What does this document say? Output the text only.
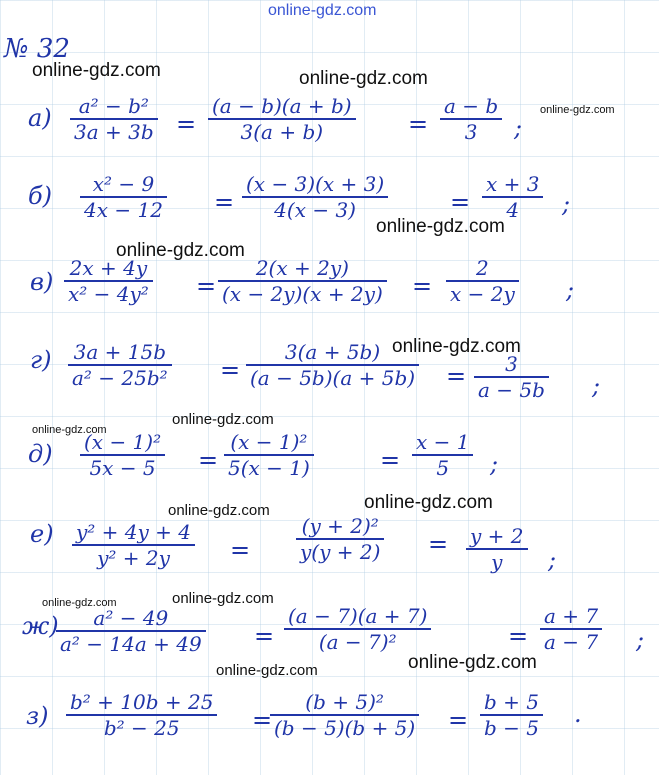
online-gdz.com
online-gdz.com	online-gdz.com
online-gdz.com
online-gdz.com
online-gdz.com
online-gdz.com
online-gdz.com
online-gdz.com
online-gdz.com
online-gdz.com
online-gdz.com
online-gdz.com
online-gdz.com
online-gdz.com
№ 32
$а) \frac{\text{a² − b²}}{3a + 3b} = \frac{(a - b)(a + b)}{3(a + b)} = \frac{a - b}{3}$ ;
$б) \frac{\text{x² − 9}}{4x - 12} = \frac{(x - 3)(x + 3)}{4(x - 3)}$	= $\frac{x + 3}{4}$ ;
$в) \frac{2x + 4y}{\text{x² − 4y²}} = \frac{2(x + 2y)}{(x - 2y)(x + 2y)} = \frac{2}{x - 2y}$ ;
$г) \frac{3a + 15b}{\text{a² − 25b²}} = \frac{3(a + 5b)}{(a - 5b)(a + 5b)} = \frac{3}{a - 5b}$ ;
$д) \frac{\text{(x − 1)²}}{5x - 5} = \frac{\text{(x − 1)²}}{5(x - 1)}$	= $\frac{x - 1}{5}$ ;
$е) \frac{\text{y² + 4y + 4}}{\text{y² + 2y}} = \frac{\text{(y + 2)²}}{y(y + 2)} = \frac{y + 2}{y}$ ;
ж)
$\frac{\text{a² − 49}}{\text{a² − 14a + 49}} = \frac{(a - 7)(a + 7)}{\text{(a − 7)²}}$	= $\frac{a + 7}{a - 7}$ ;
$з) \frac{\text{b² + 10b + 25}}{\text{b² − 25}}$ =
$\frac{\text{(b + 5)²}}{(b - 5)(b + 5)} = \frac{b + 5}{b - 5}$ .
